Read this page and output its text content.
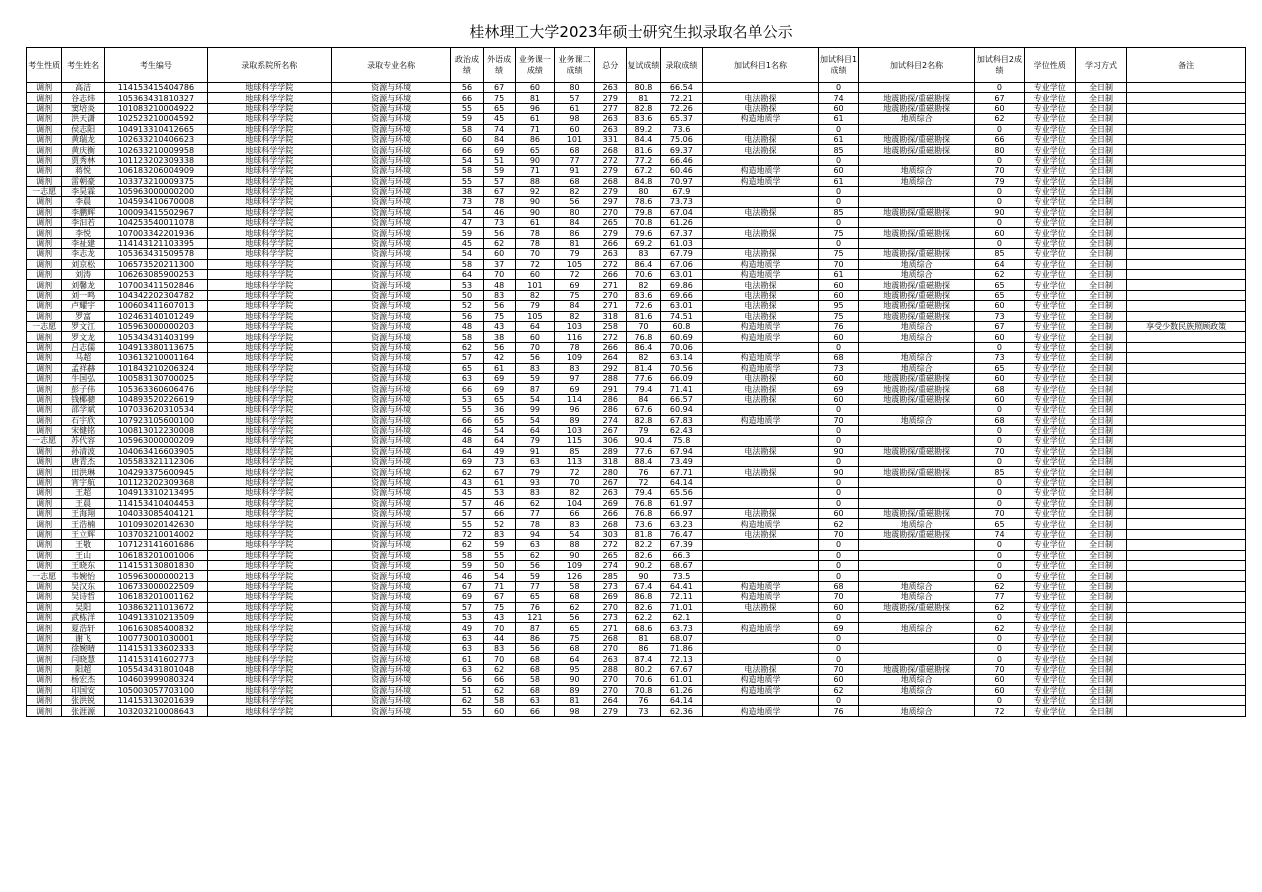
桂林理工大学2023年硕士研究生拟录取名单公示
考生性质	考生姓名	考生编号	录取系院所名称	录取专业名称	政治成绩	外语成绩	业务课一成绩	业务课二成绩	总分	复试成绩	录取成绩	加试科目1名称	加试科目1成绩	加试科目2名称	加试科目2成绩	学位性质	学习方式	备注
调剂	高洁	114153415404786	地球科学学院	资源与环境	56	67	60	80	263	80.8	66.54		0		0	专业学位	全日制	
调剂	谷志炜	105363431810327	地球科学学院	资源与环境	66	75	81	57	279	81	72.21	电法勘探	74	地震勘探/重磁勘探	67	专业学位	全日制	
调剂	窦培炎	101083210004922	地球科学学院	资源与环境	55	65	96	61	277	82.8	72.26	电法勘探	60	地震勘探/重磁勘探	60	专业学位	全日制	
调剂	洪天潇	102523210004592	地球科学学院	资源与环境	59	45	61	98	263	83.6	65.37	构造地质学	61	地质综合	62	专业学位	全日制	
调剂	侯志阳	104913310412665	地球科学学院	资源与环境	58	74	71	60	263	89.2	73.6		0		0	专业学位	全日制	
调剂	黄瑞龙	102633210406623	地球科学学院	资源与环境	60	84	86	101	331	84.4	75.06	电法勘探	61	地震勘探/重磁勘探	66	专业学位	全日制	
调剂	黄庆衡	102633210009958	地球科学学院	资源与环境	66	69	65	68	268	81.6	69.37	电法勘探	85	地震勘探/重磁勘探	80	专业学位	全日制	
调剂	贾秀林	101123202309338	地球科学学院	资源与环境	54	51	90	77	272	77.2	66.46		0		0	专业学位	全日制	
调剂	蒋悦	106183206004909	地球科学学院	资源与环境	58	59	71	91	279	67.2	60.46	构造地质学	60	地质综合	70	专业学位	全日制	
调剂	雷朝豪	103373210009375	地球科学学院	资源与环境	55	57	88	68	268	84.8	70.97	构造地质学	61	地质综合	79	专业学位	全日制	
一志愿	李昊霖	105963000000200	地球科学学院	资源与环境	38	67	92	82	279	80	67.9		0		0	专业学位	全日制	
调剂	李晨	104593410670008	地球科学学院	资源与环境	73	78	90	56	297	78.6	73.73		0		0	专业学位	全日制	
调剂	李鹏辉	100093415502967	地球科学学院	资源与环境	54	46	90	80	270	79.8	67.04	电法勘探	85	地震勘探/重磁勘探	90	专业学位	全日制	
调剂	李汩若	104253540011078	地球科学学院	资源与环境	47	73	61	84	265	70.8	61.26		0		0	专业学位	全日制	
调剂	李悦	107003342201936	地球科学学院	资源与环境	59	56	78	86	279	79.6	67.37	电法勘探	75	地震勘探/重磁勘探	60	专业学位	全日制	
调剂	李祉建	114143121103395	地球科学学院	资源与环境	45	62	78	81	266	69.2	61.03		0		0	专业学位	全日制	
调剂	李志龙	105363431509578	地球科学学院	资源与环境	54	60	70	79	263	83	67.79	电法勘探	75	地震勘探/重磁勘探	85	专业学位	全日制	
调剂	刘京松	106573520211300	地球科学学院	资源与环境	58	37	72	105	272	86.4	67.06	构造地质学	70	地质综合	64	专业学位	全日制	
调剂	刘涛	106263085900253	地球科学学院	资源与环境	64	70	60	72	266	70.6	63.01	构造地质学	61	地质综合	62	专业学位	全日制	
调剂	刘馨龙	107003411502846	地球科学学院	资源与环境	53	48	101	69	271	82	69.86	电法勘探	60	地震勘探/重磁勘探	65	专业学位	全日制	
调剂	刘一鸣	104342202304782	地球科学学院	资源与环境	50	83	82	75	270	83.6	69.66	电法勘探	60	地震勘探/重磁勘探	65	专业学位	全日制	
调剂	卢耀宇	100603411607013	地球科学学院	资源与环境	52	56	79	84	271	72.6	63.01	电法勘探	95	地震勘探/重磁勘探	60	专业学位	全日制	
调剂	罗富	102463140101249	地球科学学院	资源与环境	56	75	105	82	318	81.6	74.51	电法勘探	75	地震勘探/重磁勘探	73	专业学位	全日制	
一志愿	罗文江	105963000000203	地球科学学院	资源与环境	48	43	64	103	258	70	60.8	构造地质学	76	地质综合	67	专业学位	全日制	享受少数民族照顾政策
调剂	罗文龙	105343431403199	地球科学学院	资源与环境	58	38	60	116	272	76.8	60.69	构造地质学	60	地质综合	60	专业学位	全日制	
调剂	吕志儒	104913380113675	地球科学学院	资源与环境	62	56	70	78	266	86.4	70.06		0		0	专业学位	全日制	
调剂	马超	103613210001164	地球科学学院	资源与环境	57	42	56	109	264	82	63.14	构造地质学	68	地质综合	73	专业学位	全日制	
调剂	孟祥赫	101843210206324	地球科学学院	资源与环境	65	61	83	83	292	81.4	70.56	构造地质学	73	地质综合	65	专业学位	全日制	
调剂	牛国弘	100583130700025	地球科学学院	资源与环境	63	69	59	97	288	77.6	66.09	电法勘探	60	地震勘探/重磁勘探	60	专业学位	全日制	
调剂	彭子伟	105363360606476	地球科学学院	资源与环境	66	69	87	69	291	79.4	71.41	电法勘探	69	地震勘探/重磁勘探	68	专业学位	全日制	
调剂	钱椰骢	104893520226619	地球科学学院	资源与环境	53	65	54	114	286	84	66.57	电法勘探	60	地震勘探/重磁勘探	60	专业学位	全日制	
调剂	邵学斌	107033620310534	地球科学学院	资源与环境	55	36	99	96	286	67.6	60.94		0		0	专业学位	全日制	
调剂	石宇欣	107923105600100	地球科学学院	资源与环境	66	65	54	89	274	82.8	67.83	构造地质学	70	地质综合	68	专业学位	全日制	
调剂	宋健铭	100813012230008	地球科学学院	资源与环境	46	54	64	103	267	79	62.43		0		0	专业学位	全日制	
一志愿	苏代容	105963000000209	地球科学学院	资源与环境	48	64	79	115	306	90.4	75.8		0		0	专业学位	全日制	
调剂	孙清波	104063416603905	地球科学学院	资源与环境	64	49	91	85	289	77.6	67.94	电法勘探	90	地震勘探/重磁勘探	70	专业学位	全日制	
调剂	唐青杰	105583321112306	地球科学学院	资源与环境	69	73	63	113	318	88.4	73.49		0		0	专业学位	全日制	
调剂	田洪琳	104293375600945	地球科学学院	资源与环境	62	67	79	72	280	76	67.71	电法勘探	90	地震勘探/重磁勘探	85	专业学位	全日制	
调剂	宵宇航	101123202309368	地球科学学院	资源与环境	43	61	93	70	267	72	64.14		0		0	专业学位	全日制	
调剂	王超	104913310213495	地球科学学院	资源与环境	45	53	83	82	263	79.4	65.56		0		0	专业学位	全日制	
调剂	王晨	114153410404453	地球科学学院	资源与环境	57	46	62	104	269	76.8	61.97		0		0	专业学位	全日制	
调剂	王海翔	104033085404121	地球科学学院	资源与环境	57	66	77	66	266	76.8	66.97	电法勘探	60	地震勘探/重磁勘探	70	专业学位	全日制	
调剂	王浩楠	101093020142630	地球科学学院	资源与环境	55	52	78	83	268	73.6	63.23	构造地质学	62	地质综合	65	专业学位	全日制	
调剂	王立辉	103703210014002	地球科学学院	资源与环境	72	83	94	54	303	81.8	76.47	电法勘探	70	地震勘探/重磁勘探	74	专业学位	全日制	
调剂	王敬	107123141601686	地球科学学院	资源与环境	62	59	63	88	272	82.2	67.39		0		0	专业学位	全日制	
调剂	王山	106183201001006	地球科学学院	资源与环境	58	55	62	90	265	82.6	66.3		0		0	专业学位	全日制	
调剂	王晓东	114153130801830	地球科学学院	资源与环境	59	50	56	109	274	90.2	68.67		0		0	专业学位	全日制	
一志愿	韦婉怡	105963000000213	地球科学学院	资源与环境	46	54	59	126	285	90	73.5		0		0	专业学位	全日制	
调剂	吴汉东	106733000022509	地球科学学院	资源与环境	67	71	77	58	273	67.4	64.41	构造地质学	68	地质综合	62	专业学位	全日制	
调剂	吴诗哲	106183201001162	地球科学学院	资源与环境	69	67	65	68	269	86.8	72.11	构造地质学	70	地质综合	77	专业学位	全日制	
调剂	吴阳	103863211013672	地球科学学院	资源与环境	57	75	76	62	270	82.6	71.01	电法勘探	60	地震勘探/重磁勘探	62	专业学位	全日制	
调剂	武栋洋	104913310213509	地球科学学院	资源与环境	53	43	121	56	273	62.2	62.1		0		0	专业学位	全日制	
调剂	夏浩轩	106163085400832	地球科学学院	资源与环境	49	70	87	65	271	68.6	63.73	构造地质学	69	地质综合	62	专业学位	全日制	
调剂	谢飞	100773001030001	地球科学学院	资源与环境	63	44	86	75	268	81	68.07		0		0	专业学位	全日制	
调剂	徐婉晴	114153133602333	地球科学学院	资源与环境	63	83	56	68	270	86	71.86		0		0	专业学位	全日制	
调剂	闫晓慧	114153141602773	地球科学学院	资源与环境	61	70	68	64	263	87.4	72.13		0		0	专业学位	全日制	
调剂	阳超	105543431801048	地球科学学院	资源与环境	63	62	68	95	288	80.2	67.67	电法勘探	70	地震勘探/重磁勘探	70	专业学位	全日制	
调剂	杨宏杰	104603999080324	地球科学学院	资源与环境	56	66	58	90	270	70.6	61.01	构造地质学	60	地质综合	60	专业学位	全日制	
调剂	印国安	105003057703100	地球科学学院	资源与环境	51	62	68	89	270	70.8	61.26	构造地质学	62	地质综合	60	专业学位	全日制	
调剂	张洪锐	114153130201639	地球科学学院	资源与环境	62	58	63	81	264	76	64.14		0		0	专业学位	全日制	
调剂	张涯源	103203210008643	地球科学学院	资源与环境	55	60	66	98	279	73	62.36	构造地质学	76	地质综合	72	专业学位	全日制	
